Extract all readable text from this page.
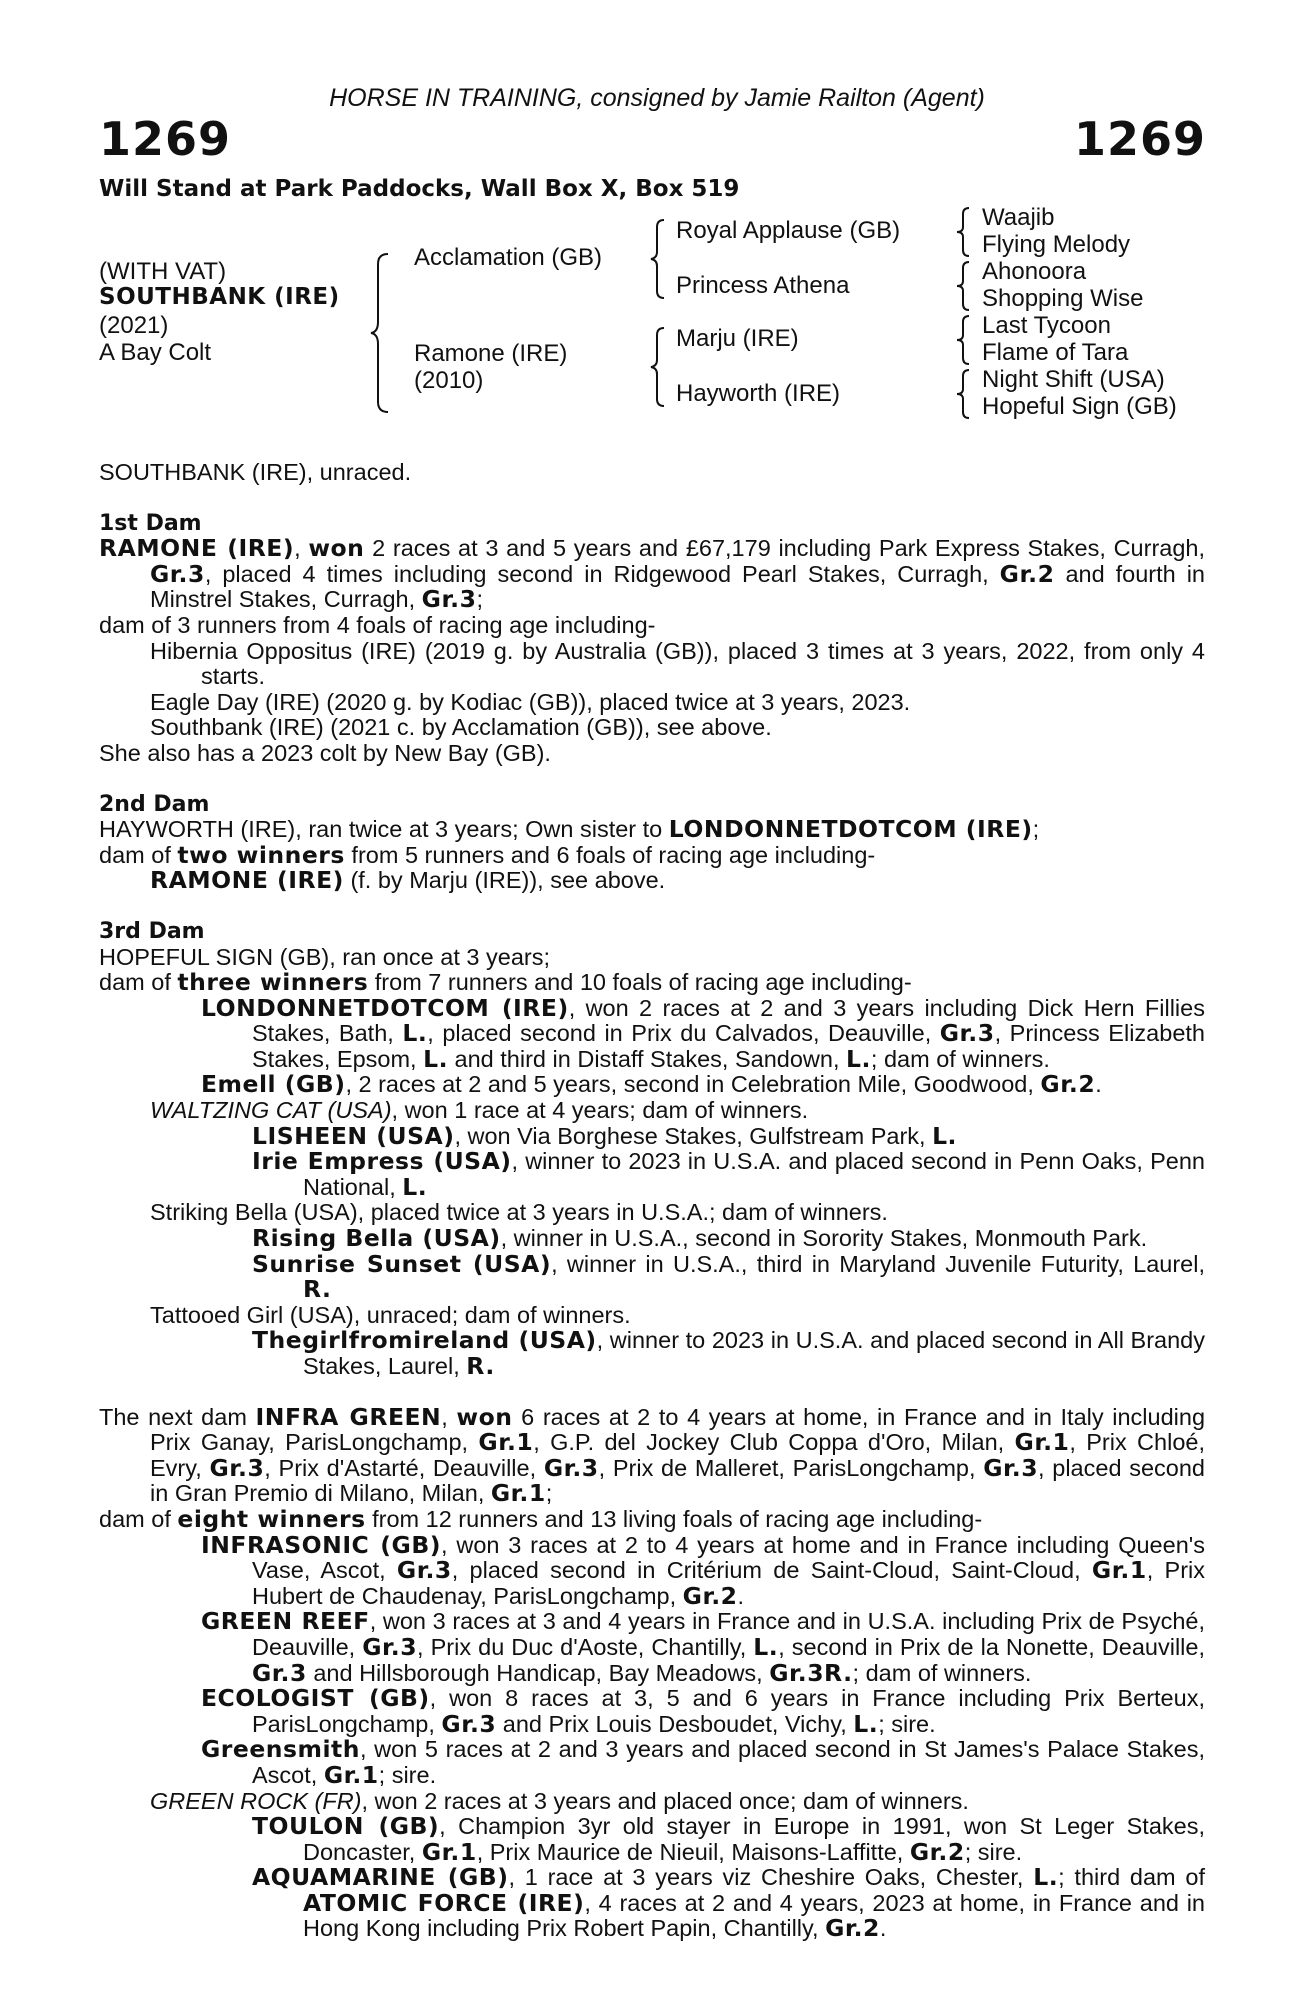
HORSE IN TRAINING, consigned by Jamie Railton (Agent)
1269	1269
Will Stand at Park Paddocks, Wall Box X, Box 519
(WITH VAT)
SOUTHBANK (IRE)
(2021)
A Bay Colt
Acclamation (GB)
Ramone (IRE)
(2010)
Royal Applause (GB)
Princess Athena
Marju (IRE)
Hayworth (IRE)
Waajib
Flying Melody
Ahonoora
Shopping Wise
Last Tycoon
Flame of Tara
Night Shift (USA)
Hopeful Sign (GB)

SOUTHBANK (IRE), unraced.

1st Dam

RAMONE (IRE), won 2 races at 3 and 5 years and £67,179 including Park Express Stakes, Curragh, Gr.3, placed 4 times including second in Ridgewood Pearl Stakes, Curragh, Gr.2 and fourth in Minstrel Stakes, Curragh, Gr.3;

dam of 3 runners from 4 foals of racing age including-

Hibernia Oppositus (IRE) (2019 g. by Australia (GB)), placed 3 times at 3 years, 2022, from only 4 starts.

Eagle Day (IRE) (2020 g. by Kodiac (GB)), placed twice at 3 years, 2023.

Southbank (IRE) (2021 c. by Acclamation (GB)), see above.

She also has a 2023 colt by New Bay (GB).

2nd Dam

HAYWORTH (IRE), ran twice at 3 years; Own sister to LONDONNETDOTCOM (IRE);

dam of two winners from 5 runners and 6 foals of racing age including-

RAMONE (IRE) (f. by Marju (IRE)), see above.

3rd Dam

HOPEFUL SIGN (GB), ran once at 3 years;

dam of three winners from 7 runners and 10 foals of racing age including-

LONDONNETDOTCOM (IRE), won 2 races at 2 and 3 years including Dick Hern Fillies Stakes, Bath, L., placed second in Prix du Calvados, Deauville, Gr.3, Princess Elizabeth Stakes, Epsom, L. and third in Distaff Stakes, Sandown, L.; dam of winners.

Emell (GB), 2 races at 2 and 5 years, second in Celebration Mile, Goodwood, Gr.2.

WALTZING CAT (USA), won 1 race at 4 years; dam of winners.

LISHEEN (USA), won Via Borghese Stakes, Gulfstream Park, L.

Irie Empress (USA), winner to 2023 in U.S.A. and placed second in Penn Oaks, Penn National, L.

Striking Bella (USA), placed twice at 3 years in U.S.A.; dam of winners.

Rising Bella (USA), winner in U.S.A., second in Sorority Stakes, Monmouth Park.

Sunrise Sunset (USA), winner in U.S.A., third in Maryland Juvenile Futurity, Laurel, R.

Tattooed Girl (USA), unraced; dam of winners.

Thegirlfromireland (USA), winner to 2023 in U.S.A. and placed second in All Brandy Stakes, Laurel, R.

The next dam INFRA GREEN, won 6 races at 2 to 4 years at home, in France and in Italy including Prix Ganay, ParisLongchamp, Gr.1, G.P. del Jockey Club Coppa d'Oro, Milan, Gr.1, Prix Chloé, Evry, Gr.3, Prix d'Astarté, Deauville, Gr.3, Prix de Malleret, ParisLongchamp, Gr.3, placed second in Gran Premio di Milano, Milan, Gr.1;

dam of eight winners from 12 runners and 13 living foals of racing age including-

INFRASONIC (GB), won 3 races at 2 to 4 years at home and in France including Queen's Vase, Ascot, Gr.3, placed second in Critérium de Saint-Cloud, Saint-Cloud, Gr.1, Prix Hubert de Chaudenay, ParisLongchamp, Gr.2.

GREEN REEF, won 3 races at 3 and 4 years in France and in U.S.A. including Prix de Psyché, Deauville, Gr.3, Prix du Duc d'Aoste, Chantilly, L., second in Prix de la Nonette, Deauville, Gr.3 and Hillsborough Handicap, Bay Meadows, Gr.3R.; dam of winners.

ECOLOGIST (GB), won 8 races at 3, 5 and 6 years in France including Prix Berteux, ParisLongchamp, Gr.3 and Prix Louis Desboudet, Vichy, L.; sire.

Greensmith, won 5 races at 2 and 3 years and placed second in St James's Palace Stakes, Ascot, Gr.1; sire.

GREEN ROCK (FR), won 2 races at 3 years and placed once; dam of winners.

TOULON (GB), Champion 3yr old stayer in Europe in 1991, won St Leger Stakes, Doncaster, Gr.1, Prix Maurice de Nieuil, Maisons-Laffitte, Gr.2; sire.

AQUAMARINE (GB), 1 race at 3 years viz Cheshire Oaks, Chester, L.; third dam of ATOMIC FORCE (IRE), 4 races at 2 and 4 years, 2023 at home, in France and in Hong Kong including Prix Robert Papin, Chantilly, Gr.2.
